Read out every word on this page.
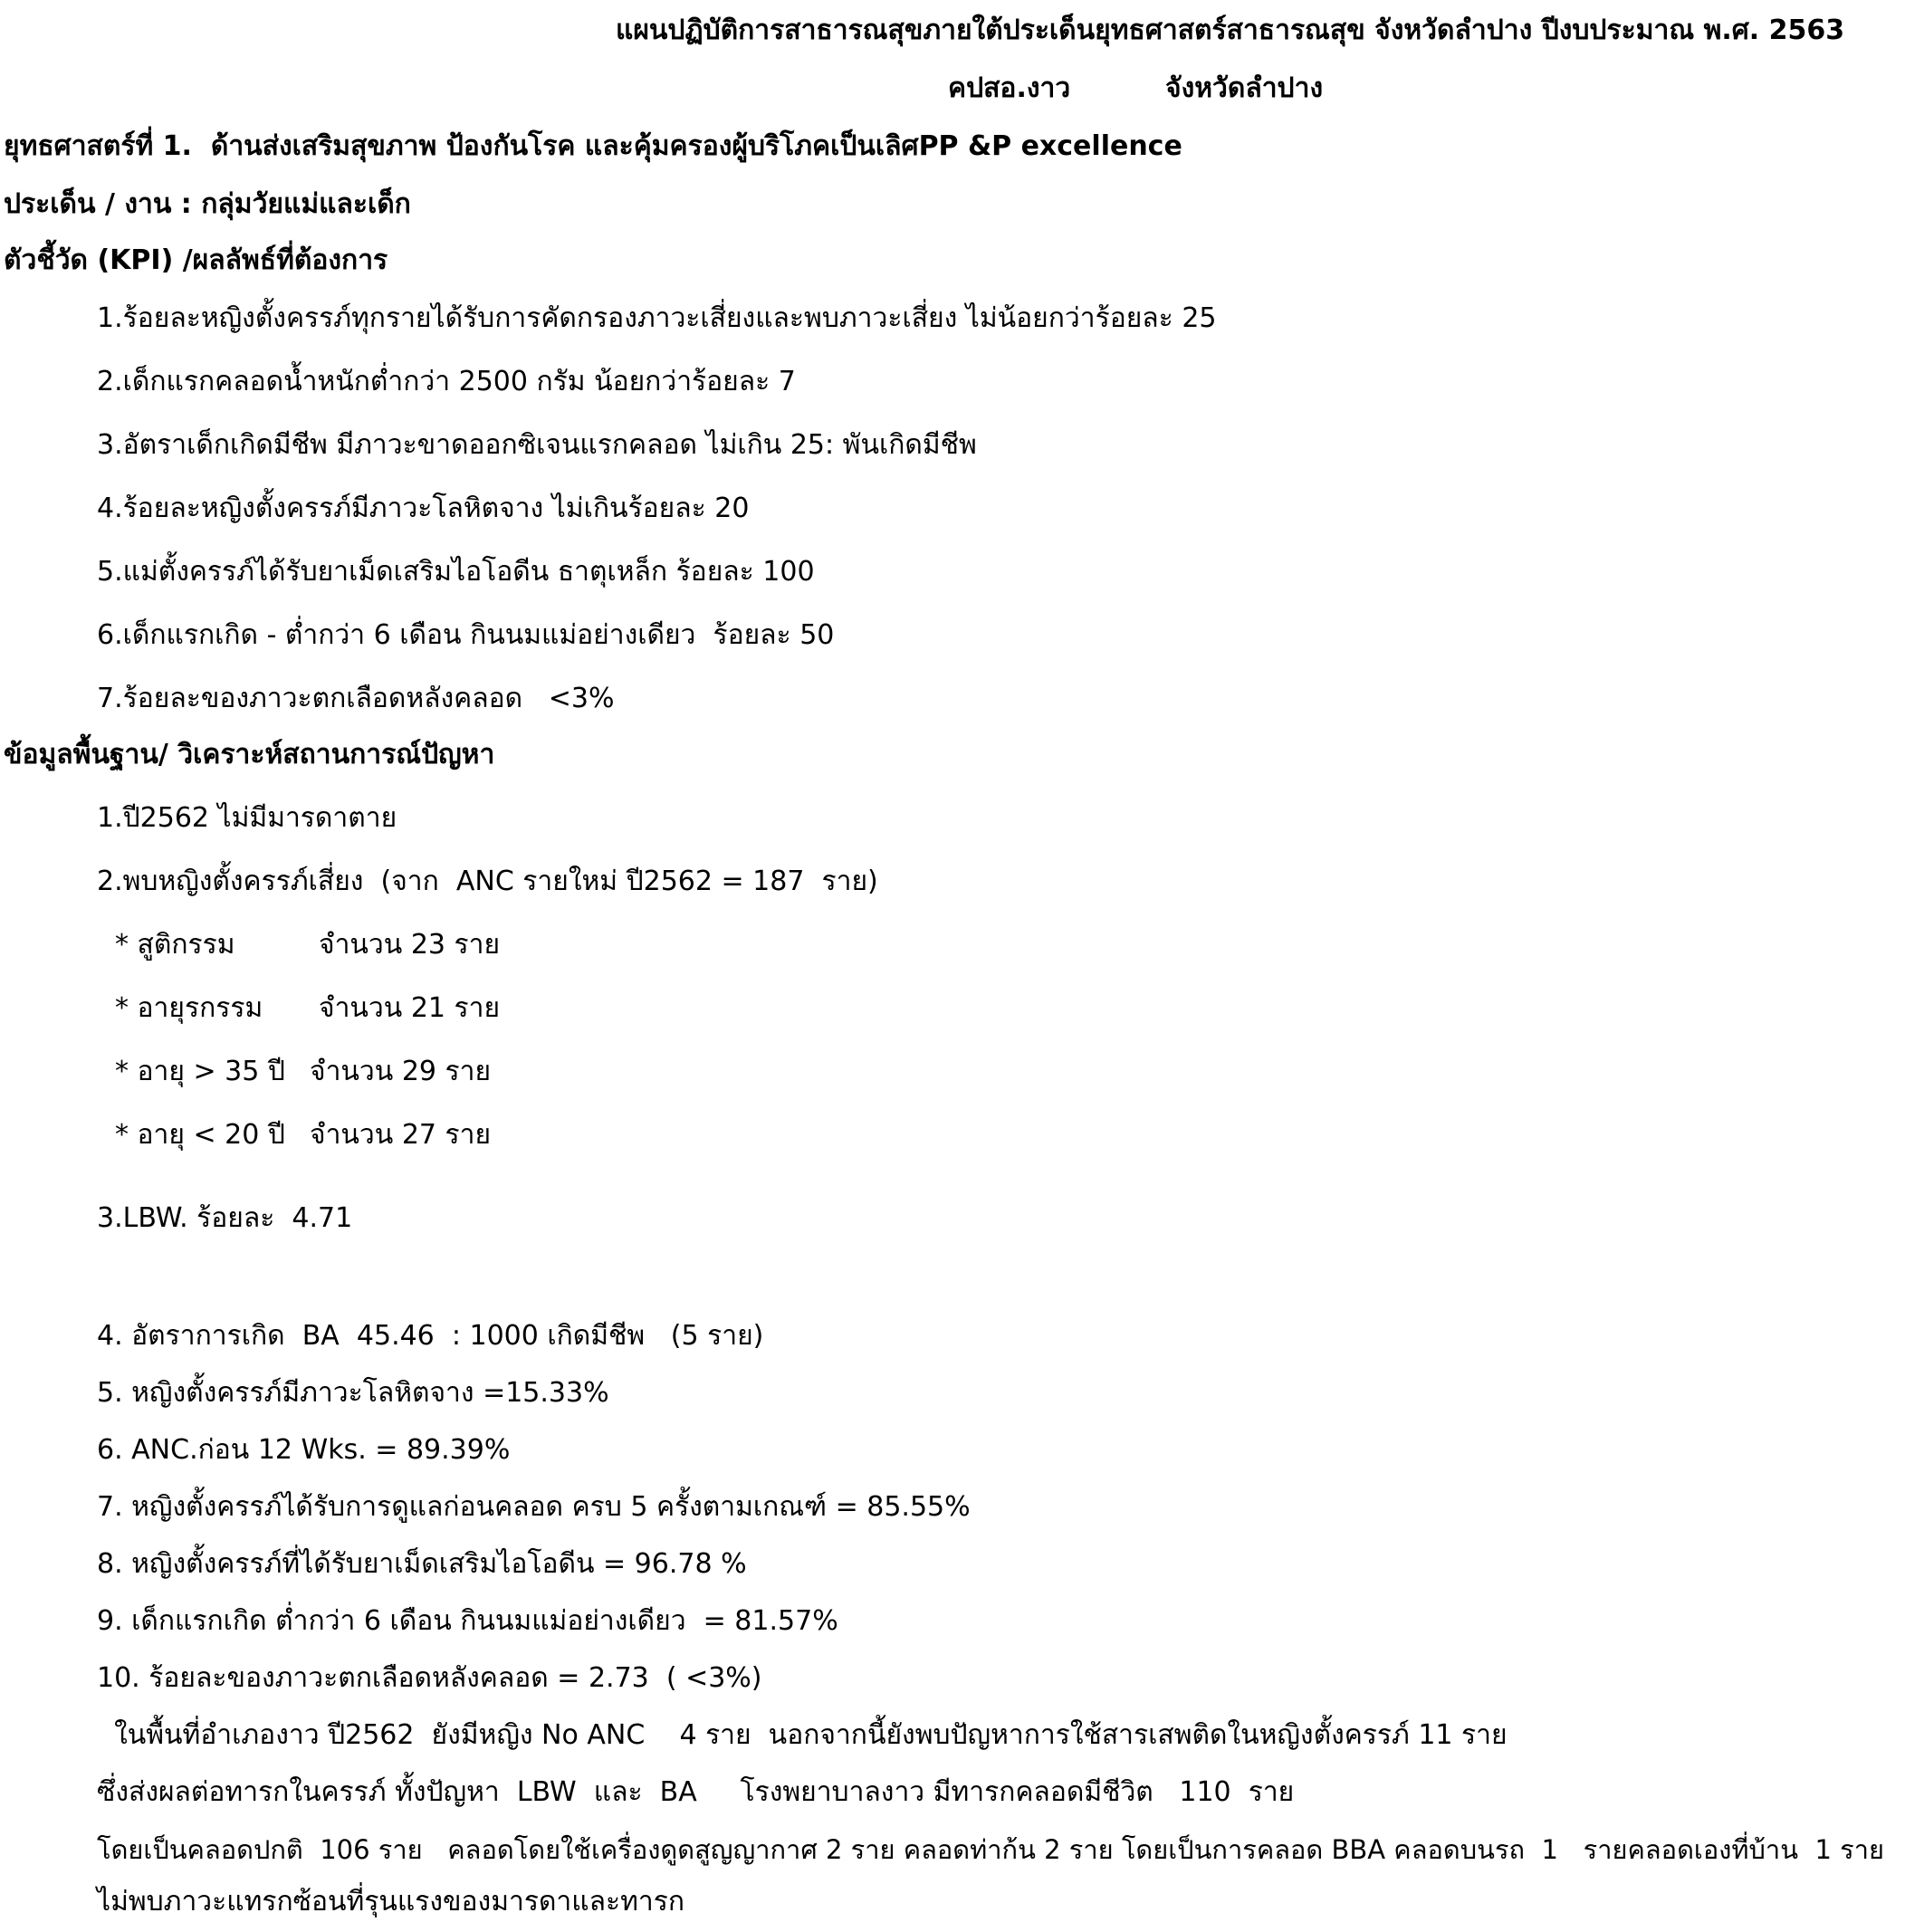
แผนปฏิบัติการสาธารณสุขภายใต้ประเด็นยุทธศาสตร์สาธารณสุข จังหวัดลำปาง ปีงบประมาณ พ.ศ. 2563
คปสอ.งาว	จังหวัดลำปาง
ยุทธศาสตร์ที่ 1.  ด้านส่งเสริมสุขภาพ ป้องกันโรค และคุ้มครองผู้บริโภคเป็นเลิศPP &P excellence
ประเด็น / งาน : กลุ่มวัยแม่และเด็ก
ตัวชี้วัด (KPI) /ผลลัพธ์ที่ต้องการ
1.ร้อยละหญิงตั้งครรภ์ทุกรายได้รับการคัดกรองภาวะเสี่ยงและพบภาวะเสี่ยง ไม่น้อยกว่าร้อยละ 25
2.เด็กแรกคลอดน้ำหนักต่ำกว่า 2500 กรัม น้อยกว่าร้อยละ 7
3.อัตราเด็กเกิดมีชีพ มีภาวะขาดออกซิเจนแรกคลอด ไม่เกิน 25: พันเกิดมีชีพ
4.ร้อยละหญิงตั้งครรภ์มีภาวะโลหิตจาง ไม่เกินร้อยละ 20
5.แม่ตั้งครรภ์ได้รับยาเม็ดเสริมไอโอดีน ธาตุเหล็ก ร้อยละ 100
6.เด็กแรกเกิด - ต่ำกว่า 6 เดือน กินนมแม่อย่างเดียว  ร้อยละ 50
7.ร้อยละของภาวะตกเลือดหลังคลอด   <3%
ข้อมูลพื้นฐาน/ วิเคราะห์สถานการณ์ปัญหา
1.ปี2562 ไม่มีมารดาตาย
2.พบหญิงตั้งครรภ์เสี่ยง  (จาก  ANC รายใหม่ ปี2562 = 187  ราย)
* สูติกรรม	จำนวน 23 ราย
* อายุรกรรม จำนวน 21 ราย
* อายุ > 35 ปี จำนวน 29 ราย
* อายุ < 20 ปี จำนวน 27 ราย
3.LBW. ร้อยละ  4.71
4. อัตราการเกิด  BA  45.46  : 1000 เกิดมีชีพ   (5 ราย)
5. หญิงตั้งครรภ์มีภาวะโลหิตจาง =15.33%
6. ANC.ก่อน 12 Wks. = 89.39%
7. หญิงตั้งครรภ์ได้รับการดูแลก่อนคลอด ครบ 5 ครั้งตามเกณฑ์ = 85.55%
8. หญิงตั้งครรภ์ที่ได้รับยาเม็ดเสริมไอโอดีน = 96.78 %
9. เด็กแรกเกิด ต่ำกว่า 6 เดือน กินนมแม่อย่างเดียว  = 81.57%
10. ร้อยละของภาวะตกเลือดหลังคลอด = 2.73  ( <3%)
ในพื้นที่อำเภองาว ปี2562  ยังมีหญิง No ANC    4 ราย  นอกจากนี้ยังพบปัญหาการใช้สารเสพติดในหญิงตั้งครรภ์ 11 ราย
ซึ่งส่งผลต่อทารกในครรภ์ ทั้งปัญหา  LBW  และ  BA     โรงพยาบาลงาว มีทารกคลอดมีชีวิต   110  ราย
โดยเป็นคลอดปกติ  106 ราย   คลอดโดยใช้เครื่องดูดสูญญากาศ 2 ราย คลอดท่าก้น 2 ราย โดยเป็นการคลอด BBA คลอดบนรถ  1   รายคลอดเองที่บ้าน  1 ราย
ไม่พบภาวะแทรกซ้อนที่รุนแรงของมารดาและทารก
